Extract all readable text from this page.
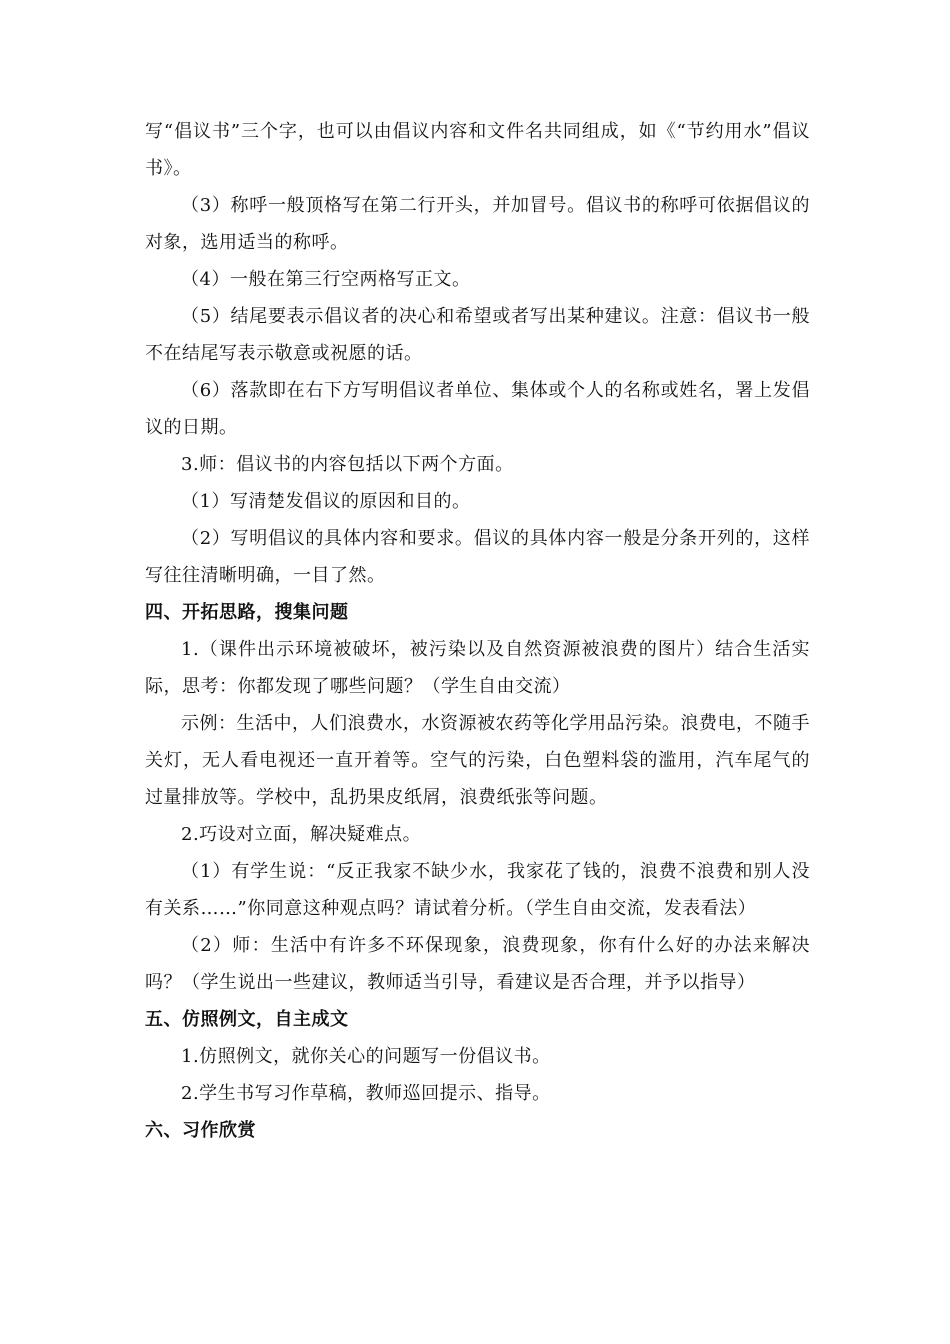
写“倡议书”三个字，也可以由倡议内容和文件名共同组成，如《“节约用水”倡议书》。

（3）称呼一般顶格写在第二行开头，并加冒号。倡议书的称呼可依据倡议的对象，选用适当的称呼。

（4）一般在第三行空两格写正文。

（5）结尾要表示倡议者的决心和希望或者写出某种建议。注意：倡议书一般不在结尾写表示敬意或祝愿的话。

（6）落款即在右下方写明倡议者单位、集体或个人的名称或姓名，署上发倡议的日期。

3.师：倡议书的内容包括以下两个方面。

（1）写清楚发倡议的原因和目的。

（2）写明倡议的具体内容和要求。倡议的具体内容一般是分条开列的，这样写往往清晰明确，一目了然。

四、开拓思路，搜集问题

1.（课件出示环境被破坏，被污染以及自然资源被浪费的图片）结合生活实际，思考：你都发现了哪些问题？（学生自由交流）

示例：生活中，人们浪费水，水资源被农药等化学用品污染。浪费电，不随手关灯，无人看电视还一直开着等。空气的污染，白色塑料袋的滥用，汽车尾气的过量排放等。学校中，乱扔果皮纸屑，浪费纸张等问题。

2.巧设对立面，解决疑难点。

（1）有学生说：“反正我家不缺少水，我家花了钱的，浪费不浪费和别人没有关系……”你同意这种观点吗？请试着分析。（学生自由交流，发表看法）

（2）师：生活中有许多不环保现象，浪费现象，你有什么好的办法来解决吗？（学生说出一些建议，教师适当引导，看建议是否合理，并予以指导）

五、仿照例文，自主成文

1.仿照例文，就你关心的问题写一份倡议书。

2.学生书写习作草稿，教师巡回提示、指导。

六、习作欣赏
